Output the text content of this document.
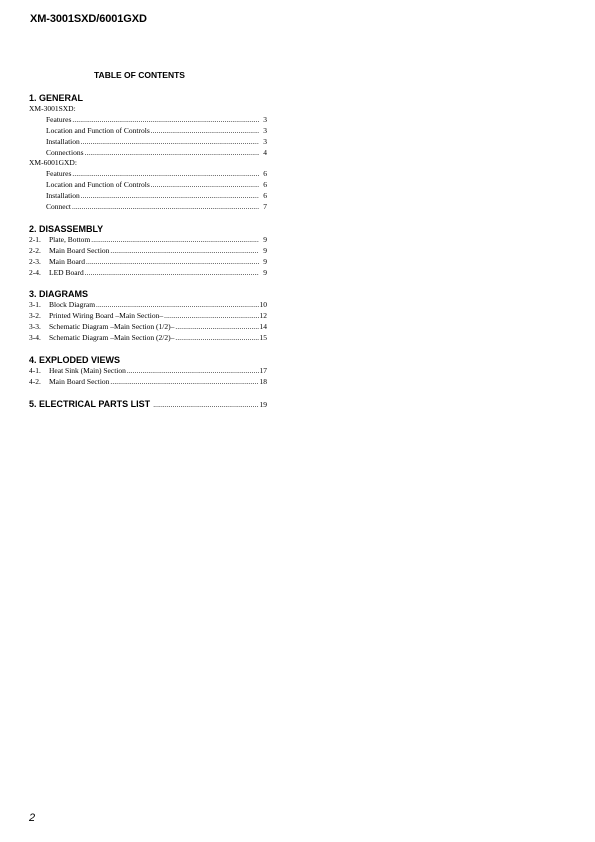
XM-3001SXD/6001GXD
TABLE OF CONTENTS
1. GENERAL
XM-3001SXD:
Features .....	3
Location and Function of Controls .....	3
Installation .....	3
Connections .....	4
XM-6001GXD:
Features .....	6
Location and Function of Controls .....	6
Installation .....	6
Connect .....	7
2. DISASSEMBLY
2-1.	Plate, Bottom .....	9
2-2.	Main Board Section .....	9
2-3.	Main Board .....	9
2-4.	LED Board .....	9
3. DIAGRAMS
3-1.	Block Diagram .....	10
3-2.	Printed Wiring Board –Main Section– .....	12
3-3.	Schematic Diagram –Main Section (1/2)– .....	14
3-4.	Schematic Diagram –Main Section (2/2)– .....	15
4. EXPLODED VIEWS
4-1.	Heat Sink (Main) Section .....	17
4-2.	Main Board Section .....	18
5. ELECTRICAL PARTS LIST .....	19
2
